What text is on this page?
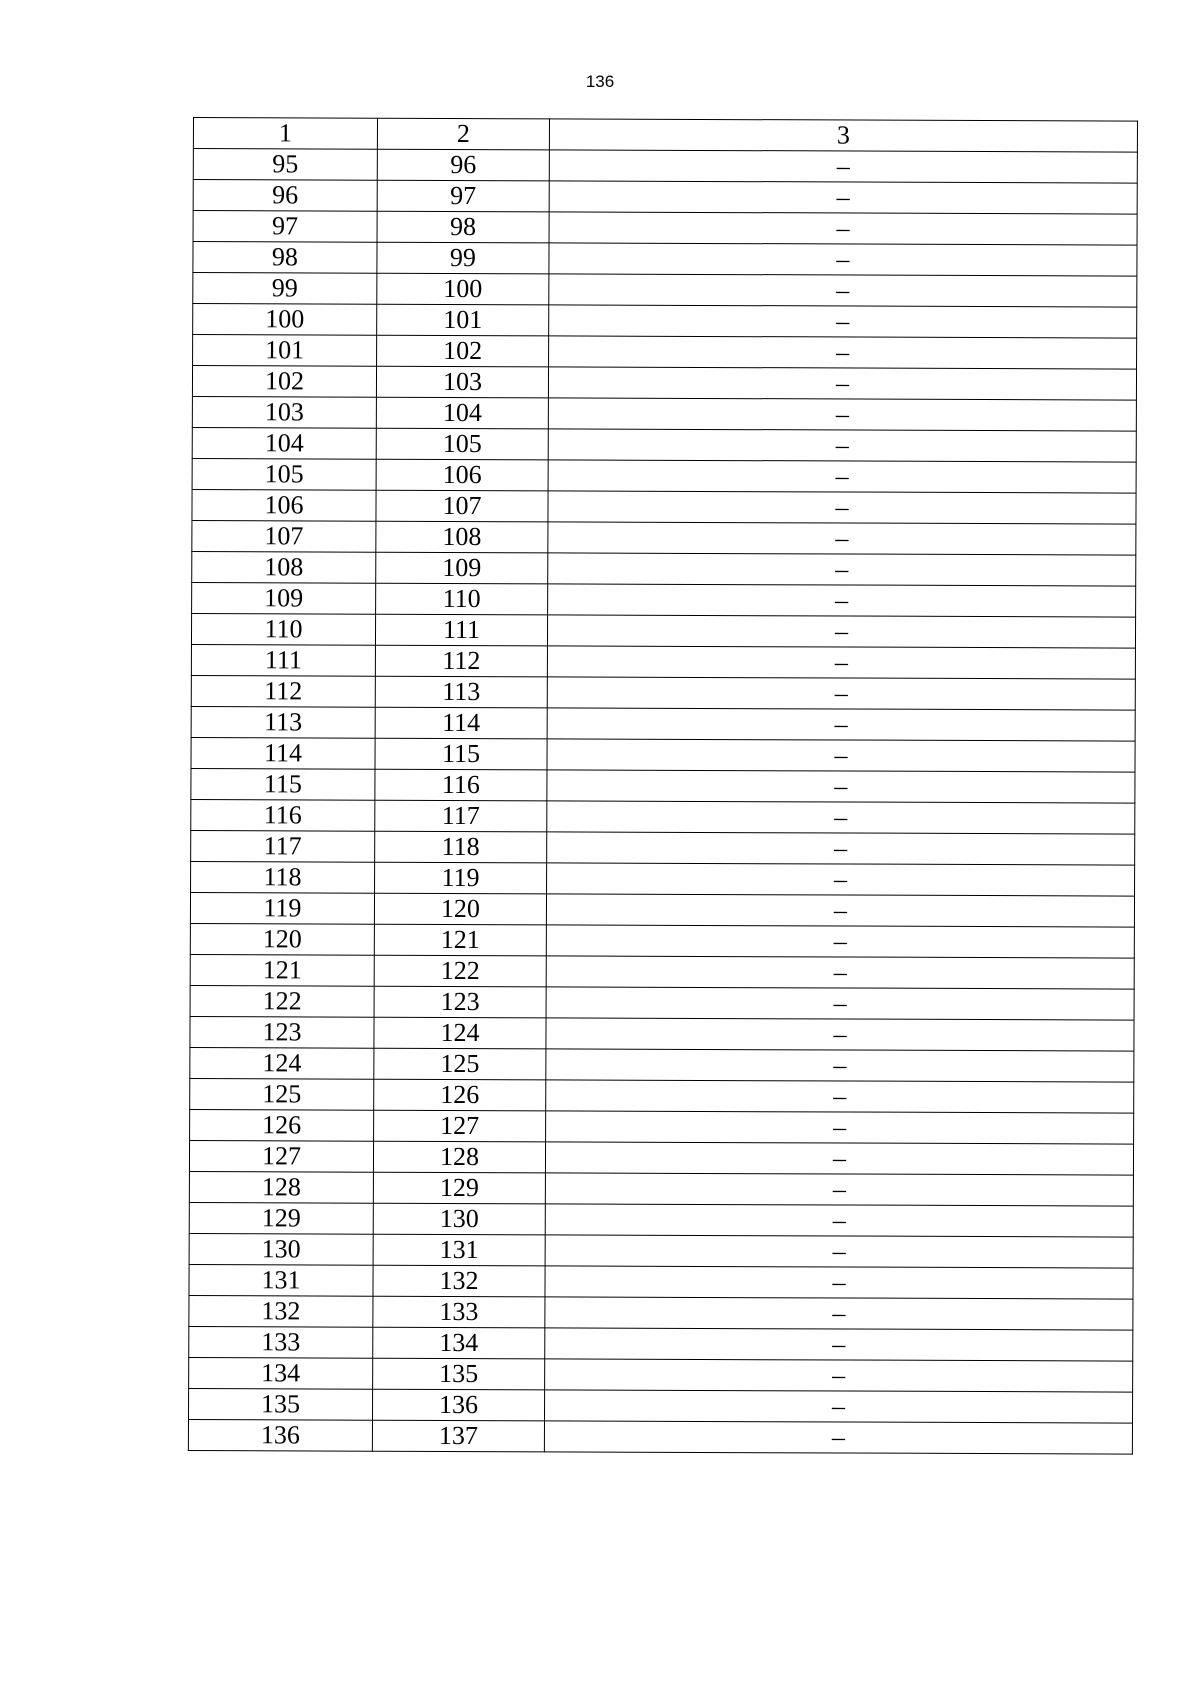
136
1	2	3
95	96	–
96	97	–
97	98	–
98	99	–
99	100	–
100	101	–
101	102	–
102	103	–
103	104	–
104	105	–
105	106	–
106	107	–
107	108	–
108	109	–
109	110	–
110	111	–
111	112	–
112	113	–
113	114	–
114	115	–
115	116	–
116	117	–
117	118	–
118	119	–
119	120	–
120	121	–
121	122	–
122	123	–
123	124	–
124	125	–
125	126	–
126	127	–
127	128	–
128	129	–
129	130	–
130	131	–
131	132	–
132	133	–
133	134	–
134	135	–
135	136	–
136	137	–
